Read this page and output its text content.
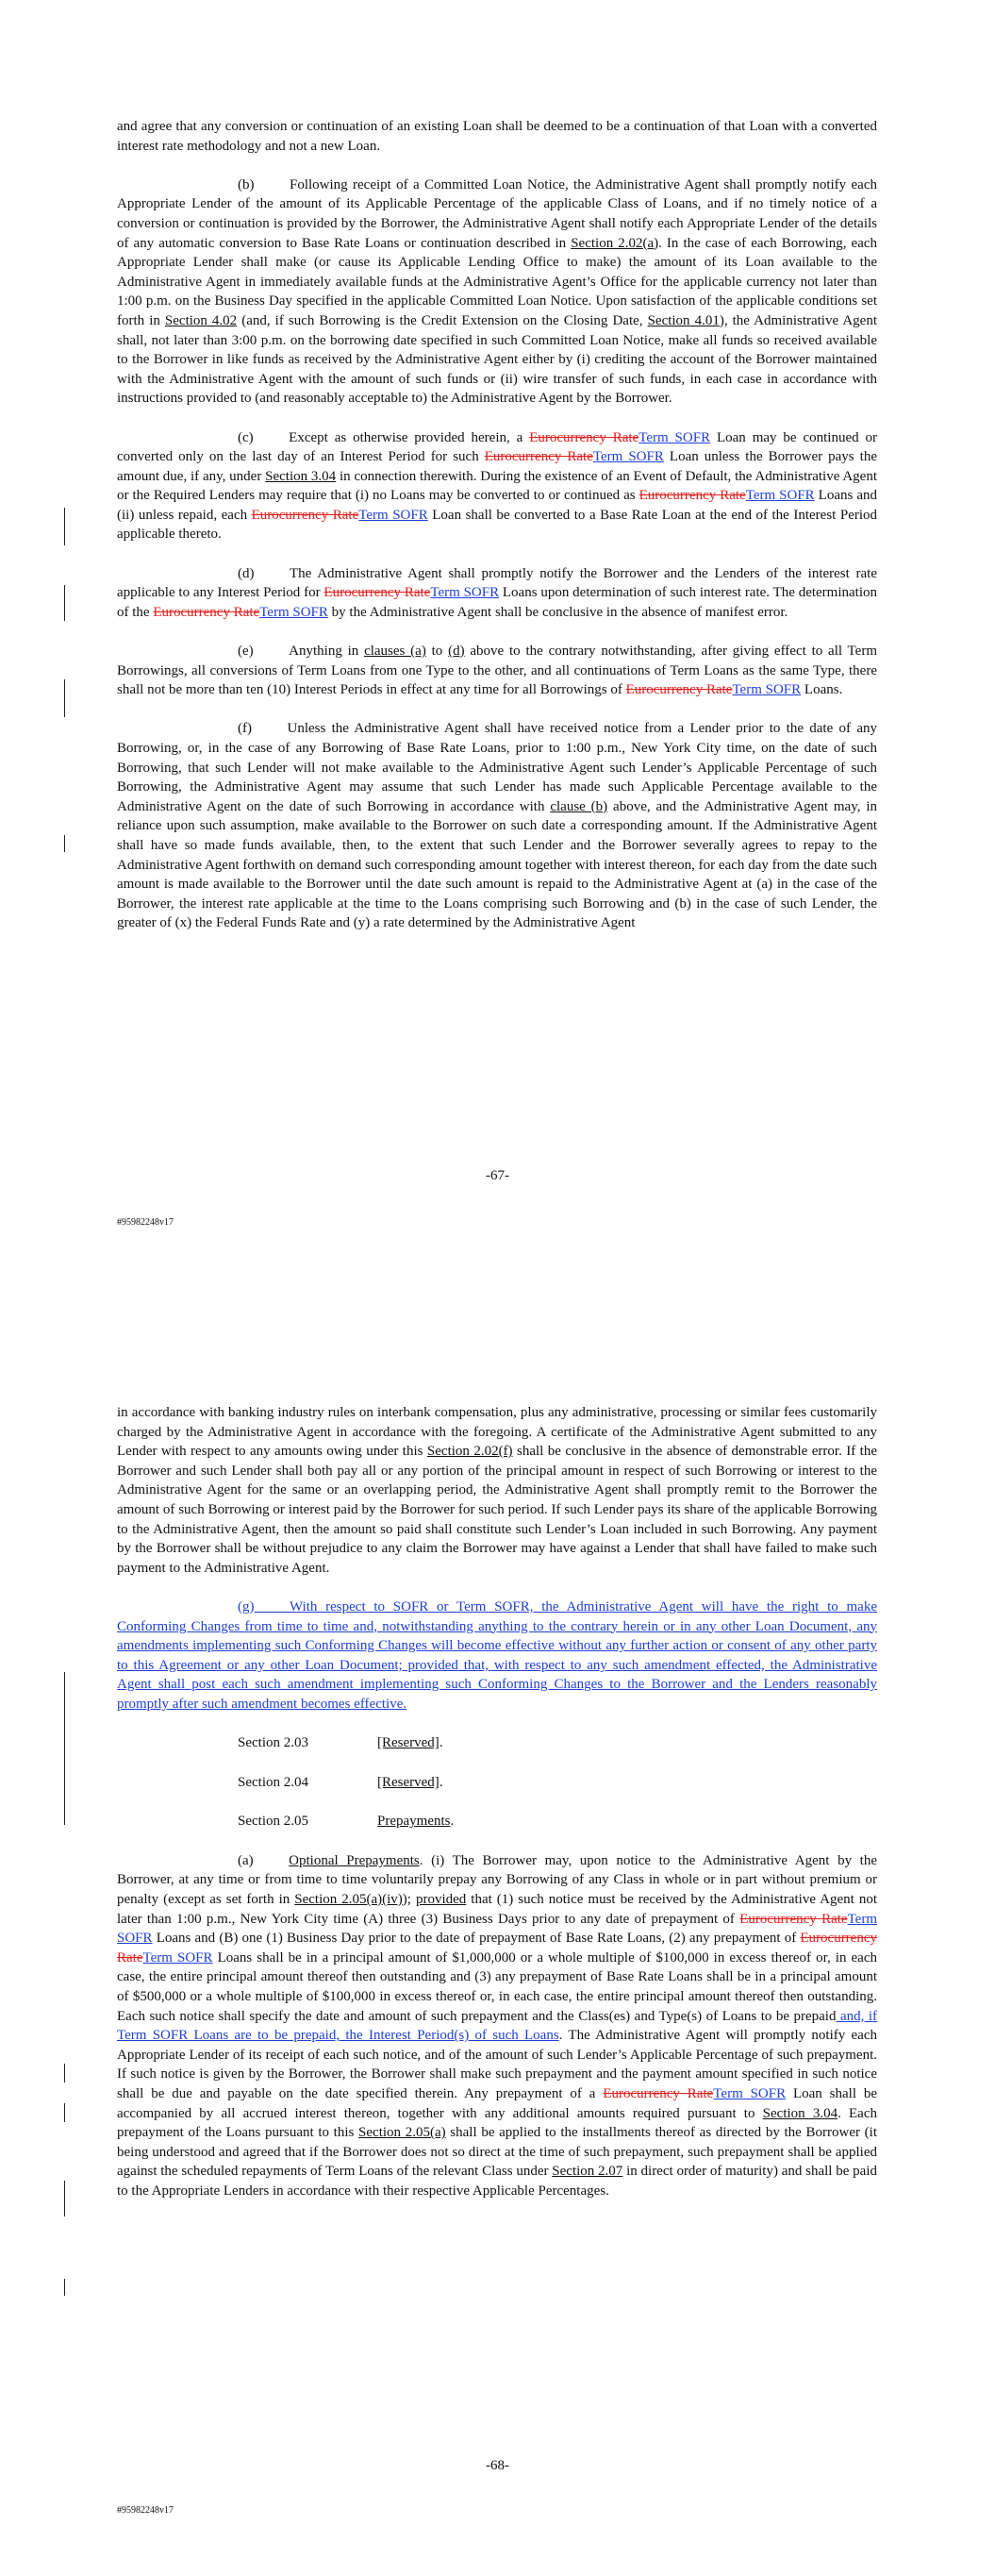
and agree that any conversion or continuation of an existing Loan shall be deemed to be a continuation of that Loan with a converted interest rate methodology and not a new Loan.

(b)   	Following receipt of a Committed Loan Notice, the Administrative Agent shall promptly notify each Appropriate Lender of the amount of its Applicable Percentage of the applicable Class of Loans, and if no timely notice of a conversion or continuation is provided by the Borrower, the Administrative Agent shall notify each Appropriate Lender of the details of any automatic conversion to Base Rate Loans or continuation described in Section 2.02(a). In the case of each Borrowing, each Appropriate Lender shall make (or cause its Applicable Lending Office to make) the amount of its Loan available to the Administrative Agent in immediately available funds at the Administrative Agent’s Office for the applicable currency not later than 1:00 p.m. on the Business Day specified in the applicable Committed Loan Notice. Upon satisfaction of the applicable conditions set forth in Section 4.02 (and, if such Borrowing is the Credit Extension on the Closing Date, Section 4.01), the Administrative Agent shall, not later than 3:00 p.m. on the borrowing date specified in such Committed Loan Notice, make all funds so received available to the Borrower in like funds as received by the Administrative Agent either by (i) crediting the account of the Borrower maintained with the Administrative Agent with the amount of such funds or (ii) wire transfer of such funds, in each case in accordance with instructions provided to (and reasonably acceptable to) the Administrative Agent by the Borrower.

(c)   	Except as otherwise provided herein, a Eurocurrency RateTerm SOFR Loan may be continued or converted only on the last day of an Interest Period for such Eurocurrency RateTerm SOFR Loan unless the Borrower pays the amount due, if any, under Section 3.04 in connection therewith. During the existence of an Event of Default, the Administrative Agent or the Required Lenders may require that (i) no Loans may be converted to or continued as Eurocurrency RateTerm SOFR Loans and (ii) unless repaid, each Eurocurrency RateTerm SOFR Loan shall be converted to a Base Rate Loan at the end of the Interest Period applicable thereto.

(d)   	The Administrative Agent shall promptly notify the Borrower and the Lenders of the interest rate applicable to any Interest Period for Eurocurrency RateTerm SOFR Loans upon determination of such interest rate. The determination of the Eurocurrency RateTerm SOFR by the Administrative Agent shall be conclusive in the absence of manifest error.

(e)   	Anything in clauses (a) to (d) above to the contrary notwithstanding, after giving effect to all Term Borrowings, all conversions of Term Loans from one Type to the other, and all continuations of Term Loans as the same Type, there shall not be more than ten (10) Interest Periods in effect at any time for all Borrowings of Eurocurrency RateTerm SOFR Loans.

(f)   	Unless the Administrative Agent shall have received notice from a Lender prior to the date of any Borrowing, or, in the case of any Borrowing of Base Rate Loans, prior to 1:00 p.m., New York City time, on the date of such Borrowing, that such Lender will not make available to the Administrative Agent such Lender’s Applicable Percentage of such Borrowing, the Administrative Agent may assume that such Lender has made such Applicable Percentage available to the Administrative Agent on the date of such Borrowing in accordance with clause (b) above, and the Administrative Agent may, in reliance upon such assumption, make available to the Borrower on such date a corresponding amount. If the Administrative Agent shall have so made funds available, then, to the extent that such Lender and the Borrower severally agrees to repay to the Administrative Agent forthwith on demand such corresponding amount together with interest thereon, for each day from the date such amount is made available to the Borrower until the date such amount is repaid to the Administrative Agent at (a) in the case of the Borrower, the interest rate applicable at the time to the Loans comprising such Borrowing and (b) in the case of such Lender, the greater of (x) the Federal Funds Rate and (y) a rate determined by the Administrative Agent

-67-
#95982248v17

in accordance with banking industry rules on interbank compensation, plus any administrative, processing or similar fees customarily charged by the Administrative Agent in accordance with the foregoing. A certificate of the Administrative Agent submitted to any Lender with respect to any amounts owing under this Section 2.02(f) shall be conclusive in the absence of demonstrable error. If the Borrower and such Lender shall both pay all or any portion of the principal amount in respect of such Borrowing or interest to the Administrative Agent for the same or an overlapping period, the Administrative Agent shall promptly remit to the Borrower the amount of such Borrowing or interest paid by the Borrower for such period. If such Lender pays its share of the applicable Borrowing to the Administrative Agent, then the amount so paid shall constitute such Lender’s Loan included in such Borrowing. Any payment by the Borrower shall be without prejudice to any claim the Borrower may have against a Lender that shall have failed to make such payment to the Administrative Agent.

(g)   	With respect to SOFR or Term SOFR, the Administrative Agent will have the right to make Conforming Changes from time to time and, notwithstanding anything to the contrary herein or in any other Loan Document, any amendments implementing such Conforming Changes will become effective without any further action or consent of any other party to this Agreement or any other Loan Document; provided that, with respect to any such amendment effected, the Administrative Agent shall post each such amendment implementing such Conforming Changes to the Borrower and the Lenders reasonably promptly after such amendment becomes effective.

Section 2.03	[Reserved].
Section 2.04	[Reserved].
Section 2.05	Prepayments.

(a)   	Optional Prepayments. (i) The Borrower may, upon notice to the Administrative Agent by the Borrower, at any time or from time to time voluntarily prepay any Borrowing of any Class in whole or in part without premium or penalty (except as set forth in Section 2.05(a)(iv)); provided that (1) such notice must be received by the Administrative Agent not later than 1:00 p.m., New York City time (A) three (3) Business Days prior to any date of prepayment of Eurocurrency RateTerm SOFR Loans and (B) one (1) Business Day prior to the date of prepayment of Base Rate Loans, (2) any prepayment of Eurocurrency RateTerm SOFR Loans shall be in a principal amount of $1,000,000 or a whole multiple of $100,000 in excess thereof or, in each case, the entire principal amount thereof then outstanding and (3) any prepayment of Base Rate Loans shall be in a principal amount of $500,000 or a whole multiple of $100,000 in excess thereof or, in each case, the entire principal amount thereof then outstanding. Each such notice shall specify the date and amount of such prepayment and the Class(es) and Type(s) of Loans to be prepaid and, if Term SOFR Loans are to be prepaid, the Interest Period(s) of such Loans. The Administrative Agent will promptly notify each Appropriate Lender of its receipt of each such notice, and of the amount of such Lender’s Applicable Percentage of such prepayment. If such notice is given by the Borrower, the Borrower shall make such prepayment and the payment amount specified in such notice shall be due and payable on the date specified therein. Any prepayment of a Eurocurrency RateTerm SOFR Loan shall be accompanied by all accrued interest thereon, together with any additional amounts required pursuant to Section 3.04. Each prepayment of the Loans pursuant to this Section 2.05(a) shall be applied to the installments thereof as directed by the Borrower (it being understood and agreed that if the Borrower does not so direct at the time of such prepayment, such prepayment shall be applied against the scheduled repayments of Term Loans of the relevant Class under Section 2.07 in direct order of maturity) and shall be paid to the Appropriate Lenders in accordance with their respective Applicable Percentages.

-68-
#95982248v17
